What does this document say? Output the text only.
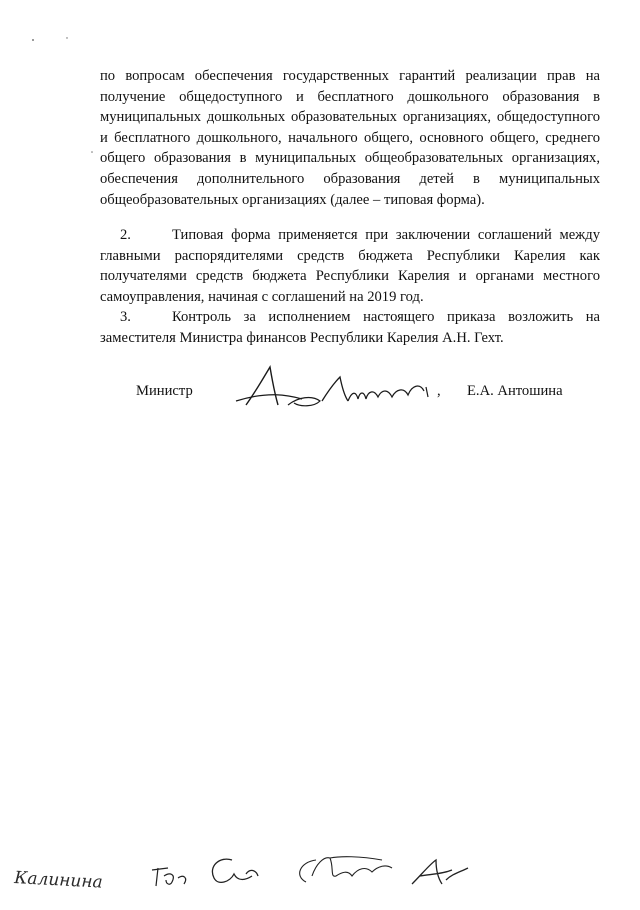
по вопросам обеспечения государственных гарантий реализации прав на получение общедоступного и бесплатного дошкольного образования в муниципальных дошкольных образовательных организациях, общедоступного и бесплатного дошкольного, начального общего, основного общего, среднего общего образования в муниципальных общеобразовательных организациях, обеспечения дополнительного образования детей в муниципальных общеобразовательных организациях (далее – типовая форма).
2.	Типовая форма применяется при заключении соглашений между главными распорядителями средств бюджета Республики Карелия как получателями средств бюджета Республики Карелия и органами местного самоуправления, начиная с соглашений на 2019 год.
3.	Контроль за исполнением настоящего приказа возложить на заместителя Министра финансов Республики Карелия А.Н. Гехт.
Министр	, Е.А. Антошина
Калинина
